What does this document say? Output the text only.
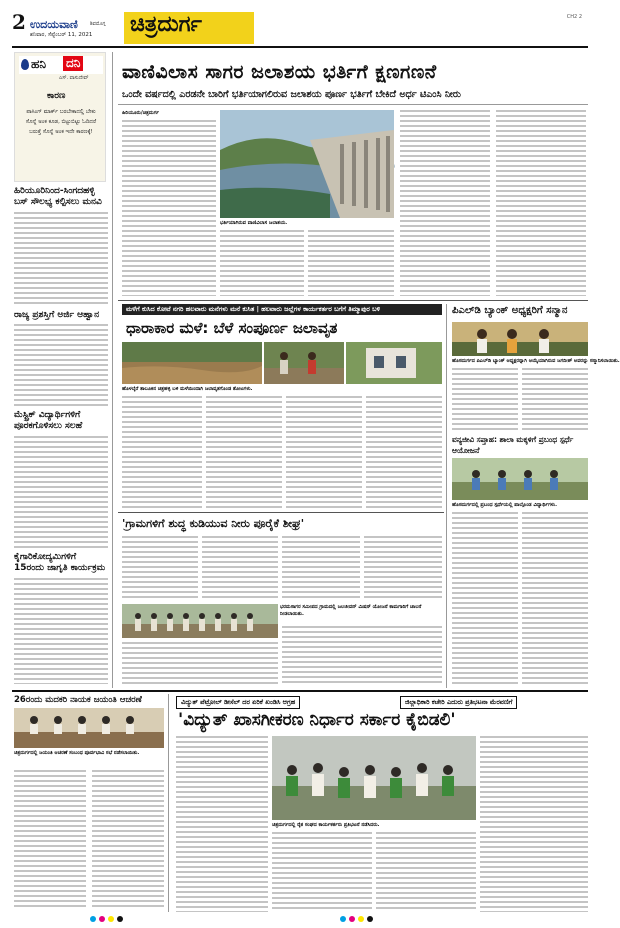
2 ಉದಯವಾಣಿ ಶಿವಮೊಗ್ಗ
ಶನಿವಾರ, ಸೆಪ್ಟೆಂಬರ್ 11, 2021 ಚಿತ್ರದುರ್ಗ	CH2 2
ಹನಿ ದನಿ
ಎಸ್. ವಾಸುದೇವ್
ಕಾರಣ
ಪಾಸಿಂಗ್ ಮಾರ್ಕ್ ಬರಬೇಕಾದಲ್ಲಿ ಬೇಕು ಸೊನ್ನೆ ಅಂಕ ಕೂಡ, ಬಿಟ್ಟುಬಿಟ್ಟು ಓದಿದರೆ ಬರುತ್ತೆ ಸೊನ್ನೆ ಅಂಕ ಇದೇ ಕಾರಣಕ್ಕೆ!
ಹಿರಿಯೂರಿನಿಂದ-ಸಿಂಗದಹಳ್ಳಿ ಬಸ್ ಸೌಲಭ್ಯ ಕಲ್ಪಿಸಲು ಮನವಿ
ರಾಜ್ಯ ಪ್ರಶಸ್ತಿಗೆ ಅರ್ಜಿ ಆಹ್ವಾನ
ಮೆಸ್ಟ್ರಿಕ್ ವಿದ್ಯಾರ್ಥಿಗಳಿಗೆ ಪೂರಕಗೊಳಿಸಲು ಸಲಹೆ
ಕೈಗಾರಿಕೋದ್ಯಮಿಗಳಿಗೆ 15ರಂದು ಜಾಗೃತಿ ಕಾರ್ಯಕ್ರಮ
ವಾಣಿವಿಲಾಸ ಸಾಗರ ಜಲಾಶಯ ಭರ್ತಿಗೆ ಕ್ಷಣಗಣನೆ
ಒಂದೇ ವರ್ಷದಲ್ಲಿ ಎರಡನೇ ಬಾರಿಗೆ ಭರ್ತಿಯಾಗಲಿರುವ ಜಲಾಶಯ ಪೂರ್ಣ ಭರ್ತಿಗೆ ಬೇಕಿದೆ ಅರ್ಧ ಟಿಎಂಸಿ ನೀರು
ಹಿರಿಯೂರು/ಚಿತ್ರದುರ್ಗ
ಭರ್ತಿಯಾಗಿರುವ ವಾಣಿವಿಲಾಸ ಜಲಾಶಯ.
ಮಳೆಗೆ ಕುಸಿದ ಕೋಟೆ ನಗರಿ ಹಲವಾರು ಮನೆಗಳು ಮನೆ ಕುಸಿತ | ಹಲವಾರು ಜಲ್ಲೆಗಳ ಕಾರ್ಯಕರ್ತರ ಬಗೆಗೆ ತಿಮ್ಮಾಪುರ ಬಳಿ
ಧಾರಾಕಾರ ಮಳೆ: ಬೆಳೆ ಸಂಪೂರ್ಣ ಜಲಾವೃತ
ಹೊಳಲ್ಕೆರೆ ತಾಲೂಕಿನ ಚಿತ್ರಹಳ್ಳಿ ಬಳಿ ಮಳೆಯಿಂದಾಗಿ ಜಲಾವೃತಗೊಂಡ ತೋಟಗಳು.
ಪಿಎಲ್‌ಡಿ ಬ್ಯಾಂಕ್ ಅಧ್ಯಕ್ಷರಿಗೆ ಸನ್ಮಾನ
ಹೊಸದುರ್ಗದ ಪಿಎಲ್‌ಡಿ ಬ್ಯಾಂಕ್ ಅಧ್ಯಕ್ಷರನ್ನಾಗಿ ಆಯ್ಕೆಯಾಗಿರುವ ಜಗದೀಶ್ ಅವರನ್ನು ಸನ್ಮಾನಿಸಲಾಯಿತು.
ವನ್ಯಜೀವಿ ಸಪ್ತಾಹ: ಶಾಲಾ ಮಕ್ಕಳಿಗೆ ಪ್ರಬಂಧ ಸ್ಪರ್ಧೆ ಆಯೋಜನೆ
ಹೊಸದುರ್ಗದಲ್ಲಿ ಪ್ರಬಂಧ ಸ್ಪರ್ಧೆಯಲ್ಲಿ ಪಾಲ್ಗೊಂಡ ವಿದ್ಯಾರ್ಥಿಗಳು.
'ಗ್ರಾಮಗಳಿಗೆ ಶುದ್ಧ ಕುಡಿಯುವ ನೀರು ಪೂರೈಕೆ ಶೀಘ್ರ'
ಭರಮಸಾಗರ ಸಮೀಪದ ಗ್ರಾಮದಲ್ಲಿ ಜಲಜೀವನ್ ಮಿಷನ್ ಯೋಜನೆ ಕಾಮಗಾರಿಗೆ ಚಾಲನೆ ನೀಡಲಾಯಿತು.
26ರಂದು ಮದಕರಿ ನಾಯಕ ಜಯಂತಿ ಆಚರಣೆ
ಚಿತ್ರದುರ್ಗದಲ್ಲಿ ಜಯಂತಿ ಆಚರಣೆ ಸಂಬಂಧ ಪೂರ್ವಭಾವಿ ಸಭೆ ನಡೆಸಲಾಯಿತು.
ವಿದ್ಯುತ್ ಪೆಟ್ರೋಲ್ ಡೀಸೆಲ್ ದರ ಏರಿಕೆ ಖಂಡಿಸಿ ಆಗ್ರಹ	ಜಿಲ್ಲಾಧಿಕಾರಿ ಕಚೇರಿ ಎದುರು ಪ್ರತಿಭಟನಾ ಮೆರವಣಿಗೆ
'ವಿದ್ಯುತ್ ಖಾಸಗೀಕರಣ ನಿರ್ಧಾರ ಸರ್ಕಾರ ಕೈಬಿಡಲಿ'
ಚಿತ್ರದುರ್ಗದಲ್ಲಿ ರೈತ ಸಂಘದ ಕಾರ್ಯಕರ್ತರು ಪ್ರತಿಭಟನೆ ನಡೆಸಿದರು.
